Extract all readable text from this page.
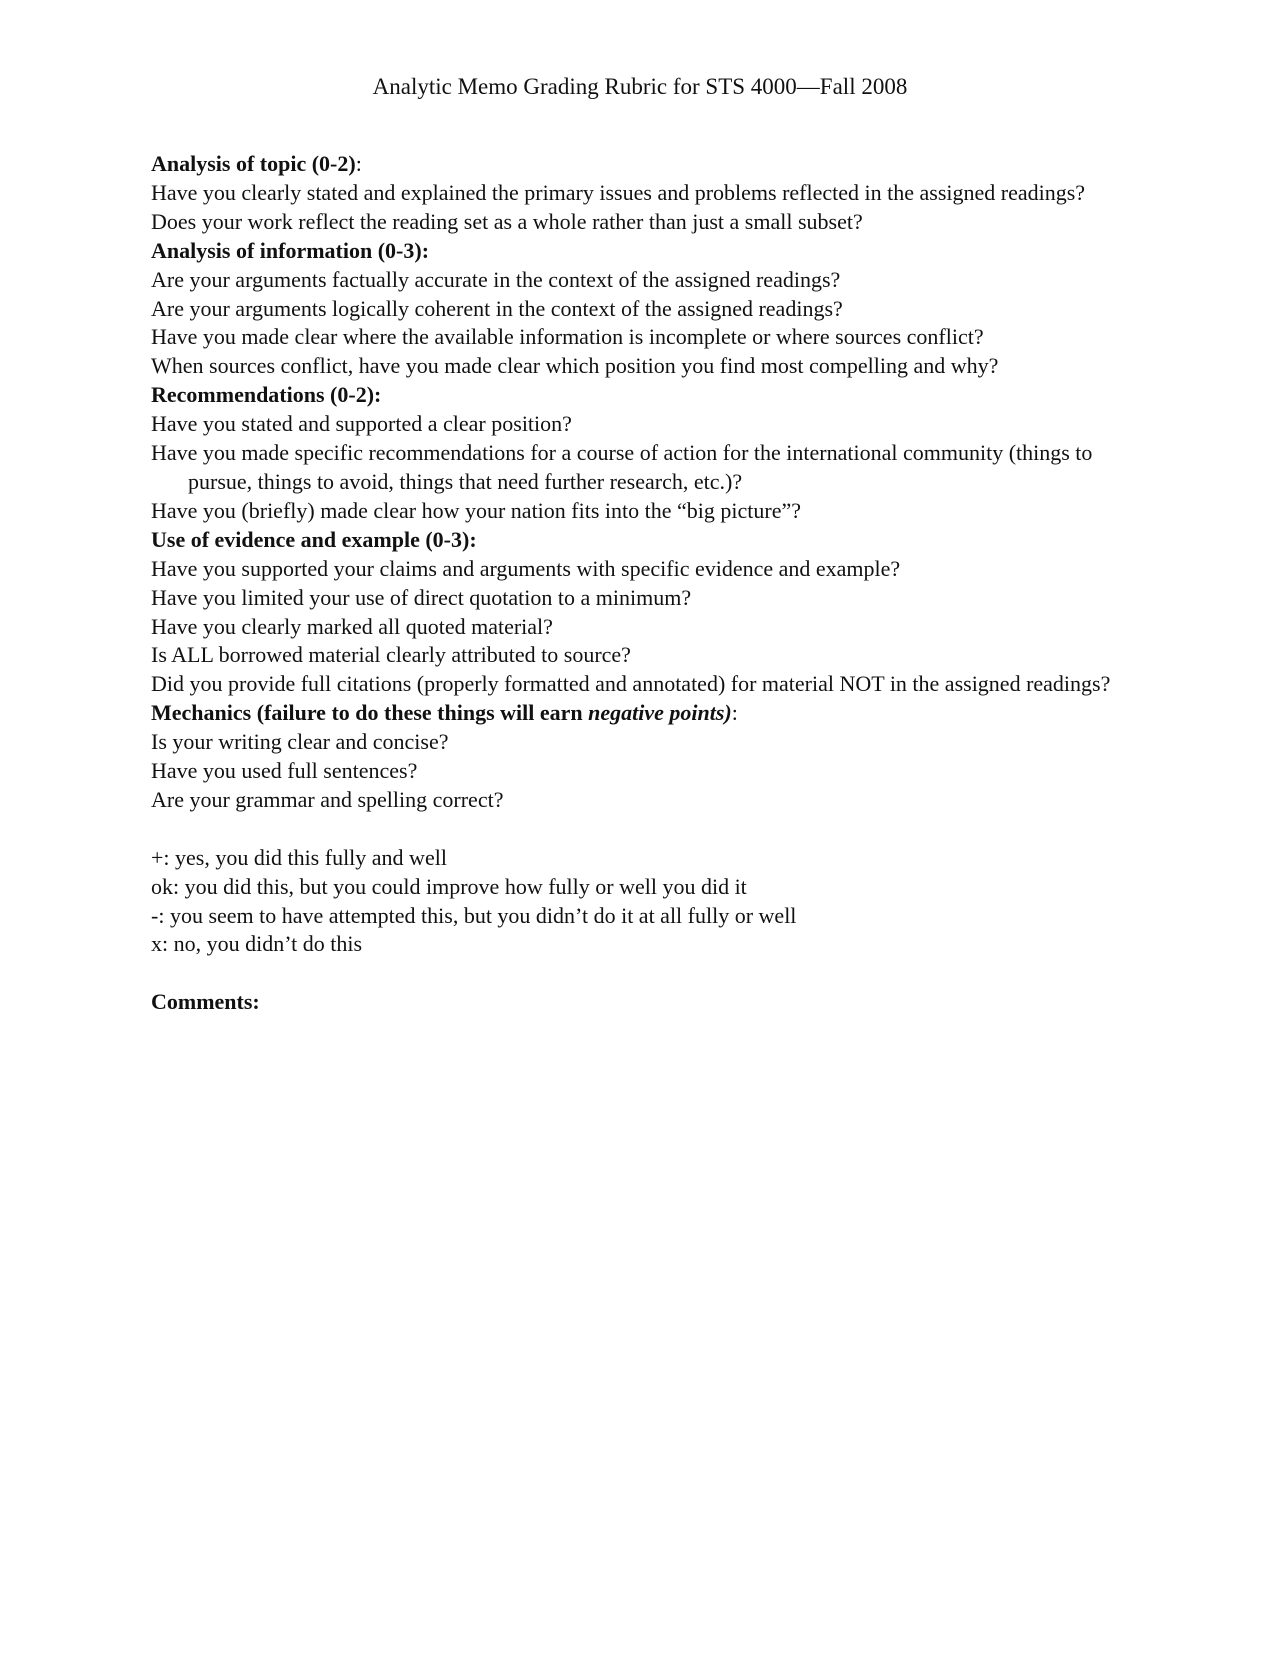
Analytic Memo Grading Rubric for STS 4000—Fall 2008

Analysis of topic (0-2):

Have you clearly stated and explained the primary issues and problems reflected in the assigned readings?

Does your work reflect the reading set as a whole rather than just a small subset?

Analysis of information (0-3):

Are your arguments factually accurate in the context of the assigned readings?

Are your arguments logically coherent in the context of the assigned readings?

Have you made clear where the available information is incomplete or where sources conflict?

When sources conflict, have you made clear which position you find most compelling and why?

Recommendations (0-2):

Have you stated and supported a clear position?

Have you made specific recommendations for a course of action for the international community (things to pursue, things to avoid, things that need further research, etc.)?

Have you (briefly) made clear how your nation fits into the “big picture”?

Use of evidence and example (0-3):

Have you supported your claims and arguments with specific evidence and example?

Have you limited your use of direct quotation to a minimum?

Have you clearly marked all quoted material?

Is ALL borrowed material clearly attributed to source?

Did you provide full citations (properly formatted and annotated) for material NOT in the assigned readings?

Mechanics (failure to do these things will earn negative points):

Is your writing clear and concise?

Have you used full sentences?

Are your grammar and spelling correct?

+: yes, you did this fully and well

ok: you did this, but you could improve how fully or well you did it

-: you seem to have attempted this, but you didn’t do it at all fully or well

x: no, you didn’t do this

Comments:
